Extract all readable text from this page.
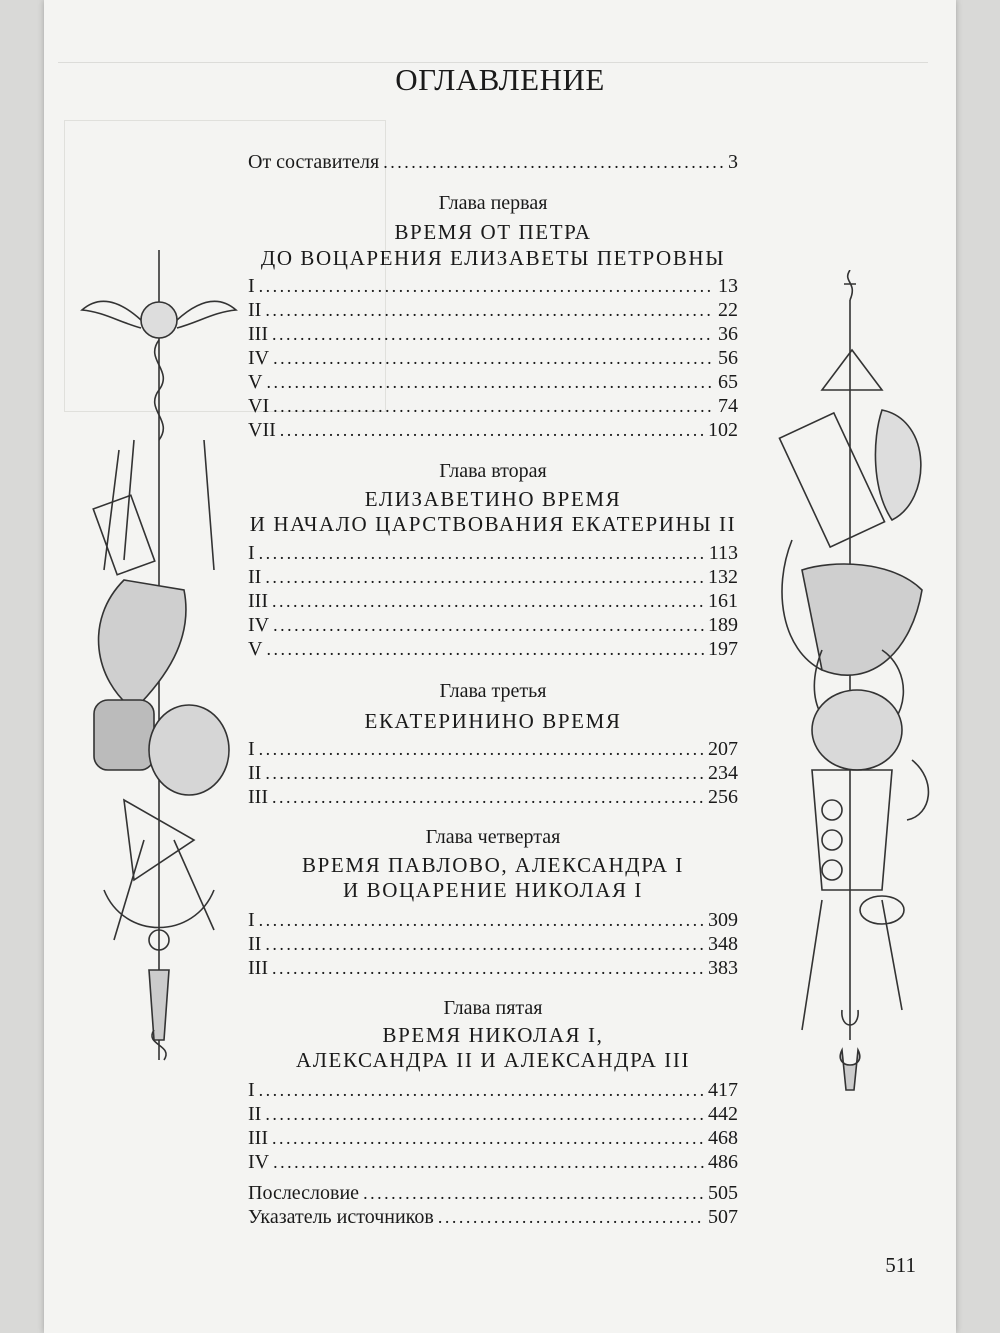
ОГЛАВЛЕНИЕ
От составителя . . .	3
Глава первая
ВРЕМЯ ОТ ПЕТРА
ДО ВОЦАРЕНИЯ ЕЛИЗАВЕТЫ ПЕТРОВНЫ
I . . .	13
II . . .	22
III . . .	36
IV . . .	56
V . . .	65
VI . . .	74
VII . . .	102
Глава вторая
ЕЛИЗАВЕТИНО ВРЕМЯ
И НАЧАЛО ЦАРСТВОВАНИЯ ЕКАТЕРИНЫ II
I . . .	113
II . . .	132
III . . .	161
IV . . .	189
V . . .	197
Глава третья
ЕКАТЕРИНИНО ВРЕМЯ
I . . .	207
II . . .	234
III . . .	256
Глава четвертая
ВРЕМЯ ПАВЛОВО, АЛЕКСАНДРА I
И ВОЦАРЕНИЕ НИКОЛАЯ I
I . . .	309
II . . .	348
III . . .	383
Глава пятая
ВРЕМЯ НИКОЛАЯ I,
АЛЕКСАНДРА II И АЛЕКСАНДРА III
I . . .	417
II . . .	442
III . . .	468
IV . . .	486
Послесловие . . .	505
Указатель источников . . .	507
511
